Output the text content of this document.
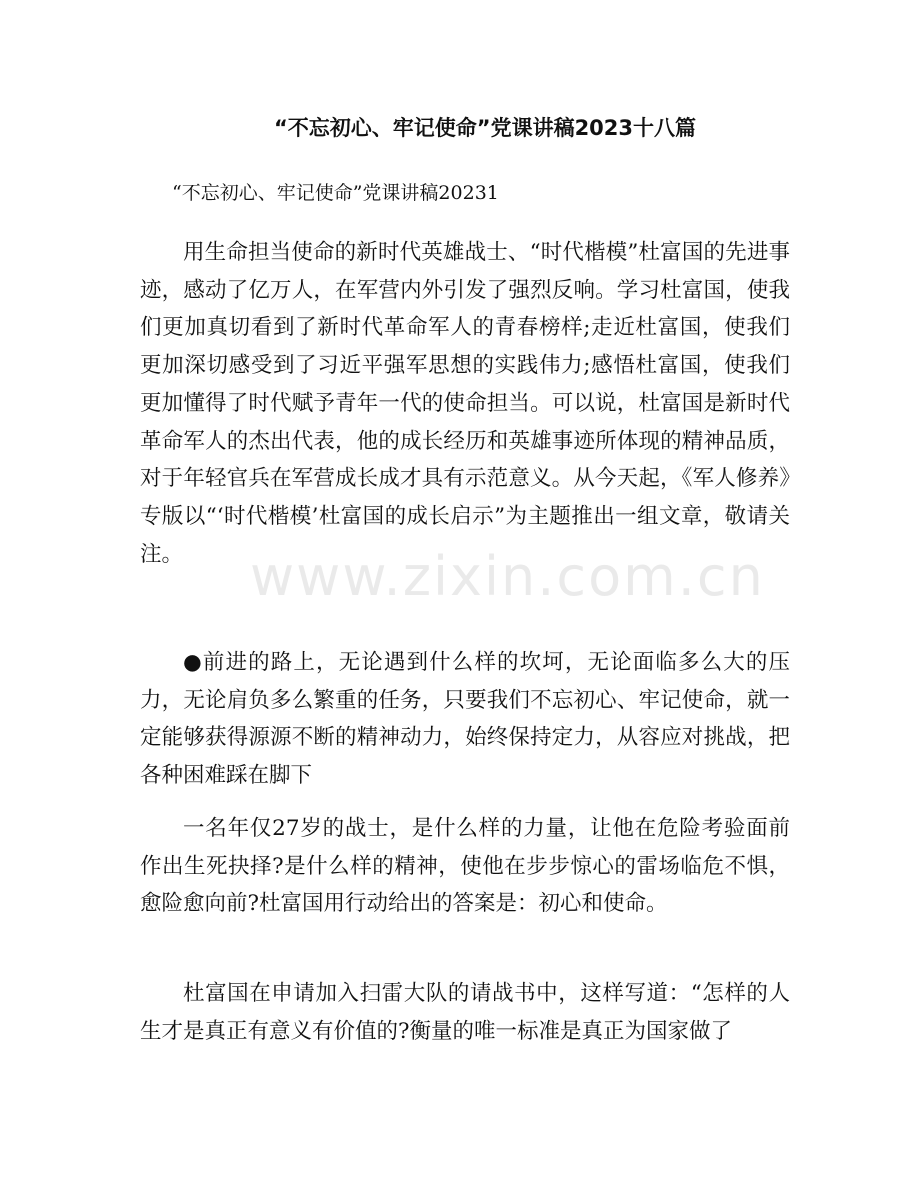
“不忘初心、牢记使命”党课讲稿2023十八篇
“不忘初心、牢记使命”党课讲稿20231

用生命担当使命的新时代英雄战士、“时代楷模”杜富国的先进事迹，感动了亿万人，在军营内外引发了强烈反响。学习杜富国，使我们更加真切看到了新时代革命军人的青春榜样;走近杜富国，使我们更加深切感受到了习近平强军思想的实践伟力;感悟杜富国，使我们更加懂得了时代赋予青年一代的使命担当。可以说，杜富国是新时代革命军人的杰出代表，他的成长经历和英雄事迹所体现的精神品质，对于年轻官兵在军营成长成才具有示范意义。从今天起，《军人修养》专版以“‘时代楷模’杜富国的成长启示”为主题推出一组文章，敬请关注。

●前进的路上，无论遇到什么样的坎坷，无论面临多么大的压力，无论肩负多么繁重的任务，只要我们不忘初心、牢记使命，就一定能够获得源源不断的精神动力，始终保持定力，从容应对挑战，把各种困难踩在脚下

一名年仅27岁的战士，是什么样的力量，让他在危险考验面前作出生死抉择?是什么样的精神，使他在步步惊心的雷场临危不惧，愈险愈向前?杜富国用行动给出的答案是：初心和使命。

杜富国在申请加入扫雷大队的请战书中，这样写道：“怎样的人生才是真正有意义有价值的?衡量的唯一标准是真正为国家做了

www.zixin.com.cn
